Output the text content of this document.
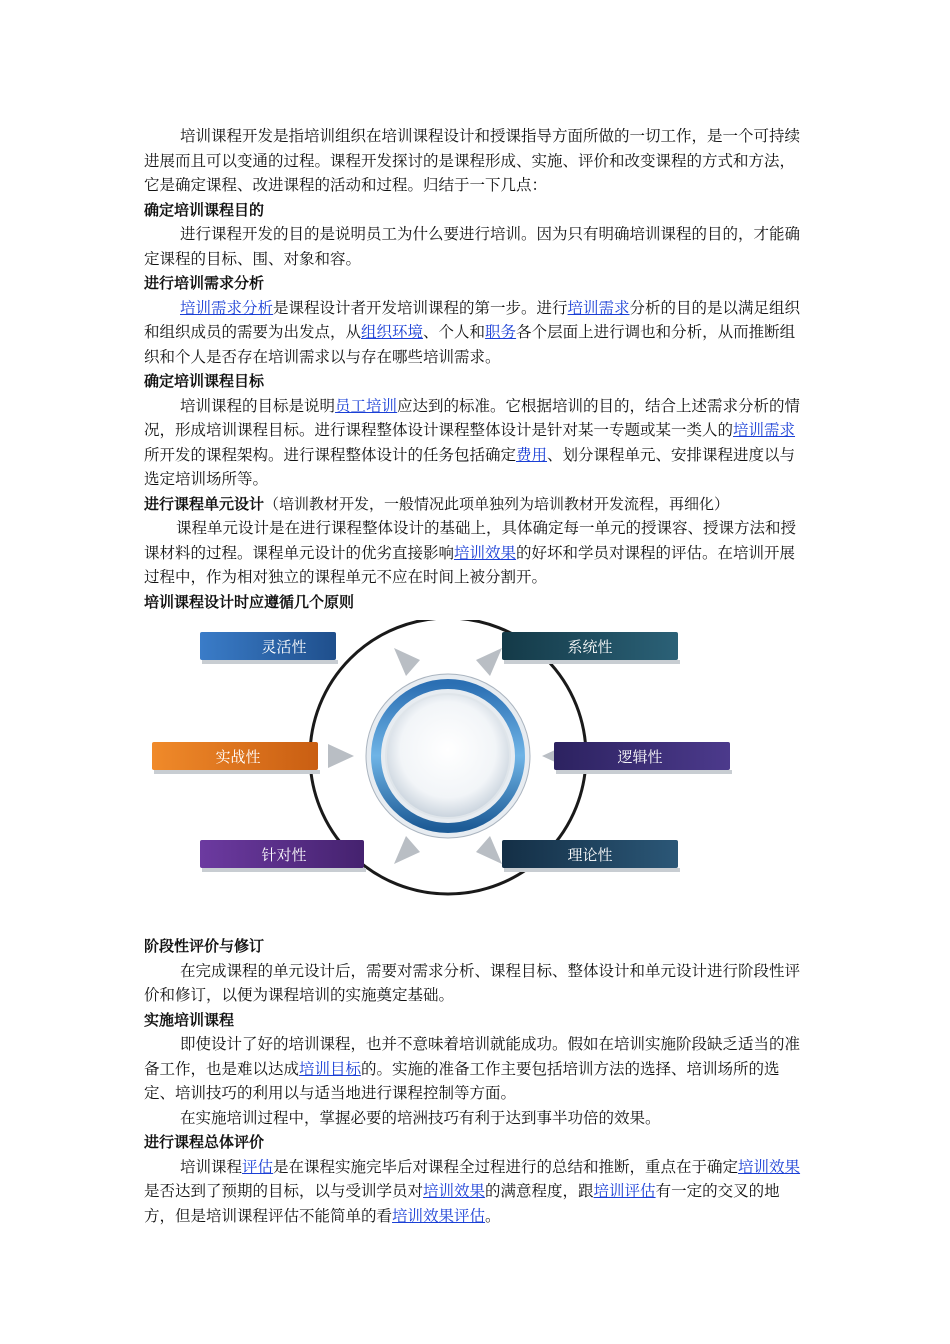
培训课程开发是指培训组织在培训课程设计和授课指导方面所做的一切工作，是一个可持续进展而且可以变通的过程。课程开发探讨的是课程形成、实施、评价和改变课程的方式和方法，它是确定课程、改进课程的活动和过程。归结于一下几点：

确定培训课程目的

进行课程开发的目的是说明员工为什么要进行培训。因为只有明确培训课程的目的，才能确定课程的目标、围、对象和容。

进行培训需求分析

培训需求分析是课程设计者开发培训课程的第一步。进行培训需求分析的目的是以满足组织和组织成员的需要为出发点，从组织环境、个人和职务各个层面上进行调也和分析，从而推断组织和个人是否存在培训需求以与存在哪些培训需求。

确定培训课程目标

培训课程的目标是说明员工培训应达到的标准。它根据培训的目的，结合上述需求分析的情况，形成培训课程目标。进行课程整体设计课程整体设计是针对某一专题或某一类人的培训需求所开发的课程架构。进行课程整体设计的任务包括确定费用、划分课程单元、安排课程进度以与选定培训场所等。

进行课程单元设计（培训教材开发，一般情况此项单独列为培训教材开发流程，再细化）

课程单元设计是在进行课程整体设计的基础上，具体确定每一单元的授课容、授课方法和授课材料的过程。课程单元设计的优劣直接影响培训效果的好坏和学员对课程的评估。在培训开展过程中，作为相对独立的课程单元不应在时间上被分割开。

培训课程设计时应遵循几个原则
灵活性	系统性
实战性	逻辑性
针对性	理论性
阶段性评价与修订

在完成课程的单元设计后，需要对需求分析、课程目标、整体设计和单元设计进行阶段性评价和修订，以便为课程培训的实施奠定基础。

实施培训课程

即使设计了好的培训课程，也并不意味着培训就能成功。假如在培训实施阶段缺乏适当的准备工作，也是难以达成培训目标的。实施的准备工作主要包括培训方法的选择、培训场所的选定、培训技巧的利用以与适当地进行课程控制等方面。

在实施培训过程中，掌握必要的培洲技巧有利于达到事半功倍的效果。

进行课程总体评价

培训课程评估是在课程实施完毕后对课程全过程进行的总结和推断，重点在于确定培训效果是否达到了预期的目标，以与受训学员对培训效果的满意程度，跟培训评估有一定的交叉的地方，但是培训课程评估不能简单的看培训效果评估。
